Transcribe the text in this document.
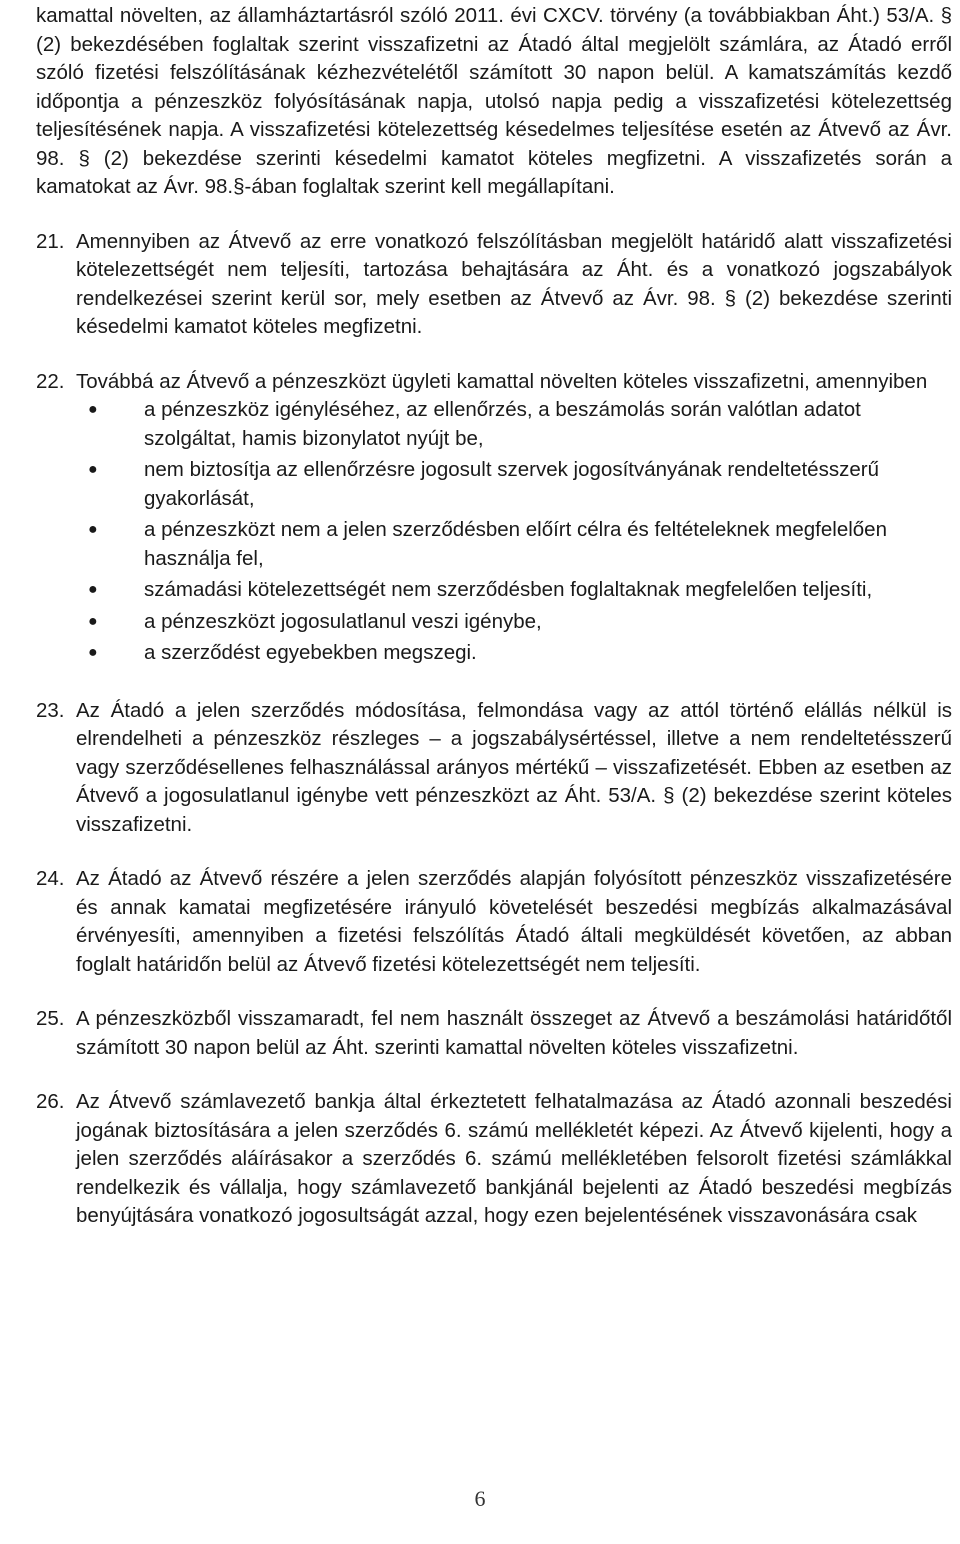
kamattal növelten, az államháztartásról szóló 2011. évi CXCV. törvény (a továbbiakban Áht.) 53/A. § (2) bekezdésében foglaltak szerint visszafizetni az Átadó által megjelölt számlára, az Átadó erről szóló fizetési felszólításának kézhezvételétől számított 30 napon belül. A kamatszámítás kezdő időpontja a pénzeszköz folyósításának napja, utolsó napja pedig a visszafizetési kötelezettség teljesítésének napja. A visszafizetési kötelezettség késedelmes teljesítése esetén az Átvevő az Ávr. 98. § (2) bekezdése szerinti késedelmi kamatot köteles megfizetni. A visszafizetés során a kamatokat az Ávr. 98.§-ában foglaltak szerint kell megállapítani.

21. Amennyiben az Átvevő az erre vonatkozó felszólításban megjelölt határidő alatt visszafizetési kötelezettségét nem teljesíti, tartozása behajtására az Áht. és a vonatkozó jogszabályok rendelkezései szerint kerül sor, mely esetben az Átvevő az Ávr. 98. § (2) bekezdése szerinti késedelmi kamatot köteles megfizetni.

22. Továbbá az Átvevő a pénzeszközt ügyleti kamattal növelten köteles visszafizetni, amennyiben

●	a pénzeszköz igényléséhez, az ellenőrzés, a beszámolás során valótlan adatot szolgáltat, hamis bizonylatot nyújt be,
●	nem biztosítja az ellenőrzésre jogosult szervek jogosítványának rendeltetésszerű gyakorlását,
●	a pénzeszközt nem a jelen szerződésben előírt célra és feltételeknek megfelelően használja fel,
●	számadási kötelezettségét nem szerződésben foglaltaknak megfelelően teljesíti,
●	a pénzeszközt jogosulatlanul veszi igénybe,
●	a szerződést egyebekben megszegi.
23. Az Átadó a jelen szerződés módosítása, felmondása vagy az attól történő elállás nélkül is elrendelheti a pénzeszköz részleges – a jogszabálysértéssel, illetve a nem rendeltetésszerű vagy szerződésellenes felhasználással arányos mértékű – visszafizetését. Ebben az esetben az Átvevő a jogosulatlanul igénybe vett pénzeszközt az Áht. 53/A. § (2) bekezdése szerint köteles visszafizetni.

24. Az Átadó az Átvevő részére a jelen szerződés alapján folyósított pénzeszköz visszafizetésére és annak kamatai megfizetésére irányuló követelését beszedési megbízás alkalmazásával érvényesíti, amennyiben a fizetési felszólítás Átadó általi megküldését követően, az abban foglalt határidőn belül az Átvevő fizetési kötelezettségét nem teljesíti.

25. A pénzeszközből visszamaradt, fel nem használt összeget az Átvevő a beszámolási határidőtől számított 30 napon belül az Áht. szerinti kamattal növelten köteles visszafizetni.

26. Az Átvevő számlavezető bankja által érkeztetett felhatalmazása az Átadó azonnali beszedési jogának biztosítására a jelen szerződés 6. számú mellékletét képezi. Az Átvevő kijelenti, hogy a jelen szerződés aláírásakor a szerződés 6. számú mellékletében felsorolt fizetési számlákkal rendelkezik és vállalja, hogy számlavezető bankjánál bejelenti az Átadó beszedési megbízás benyújtására vonatkozó jogosultságát azzal, hogy ezen bejelentésének visszavonására csak

6
